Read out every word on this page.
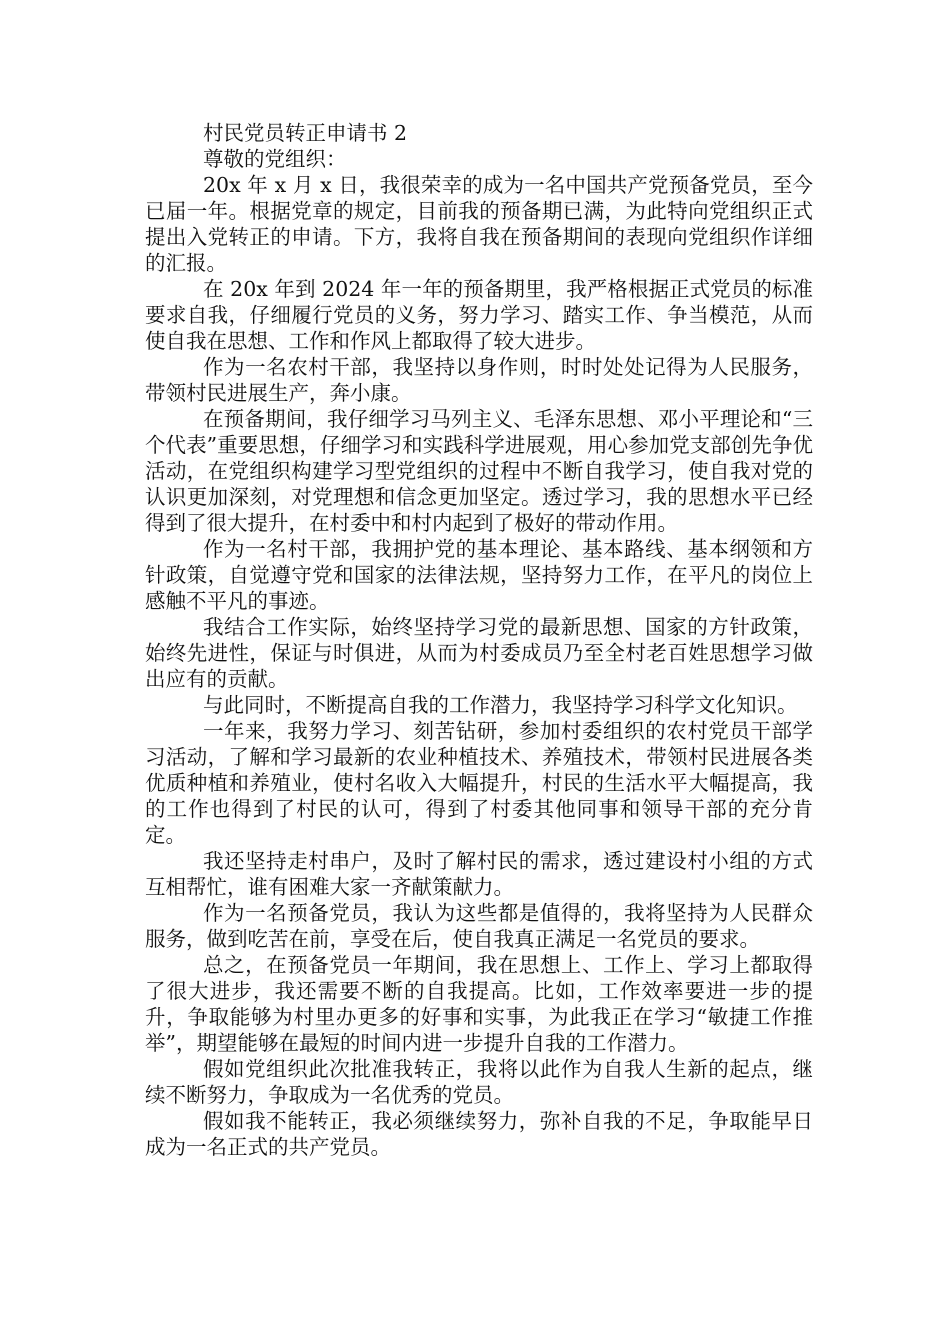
村民党员转正申请书 2

尊敬的党组织：

20x 年 x 月 x 日，我很荣幸的成为一名中国共产党预备党员，至今已届一年。根据党章的规定，目前我的预备期已满，为此特向党组织正式提出入党转正的申请。下方，我将自我在预备期间的表现向党组织作详细的汇报。

在 20x 年到 2024 年一年的预备期里，我严格根据正式党员的标准要求自我，仔细履行党员的义务，努力学习、踏实工作、争当模范，从而使自我在思想、工作和作风上都取得了较大进步。

作为一名农村干部，我坚持以身作则，时时处处记得为人民服务，带领村民进展生产，奔小康。

在预备期间，我仔细学习马列主义、毛泽东思想、邓小平理论和“三个代表”重要思想，仔细学习和实践科学进展观，用心参加党支部创先争优活动，在党组织构建学习型党组织的过程中不断自我学习，使自我对党的认识更加深刻，对党理想和信念更加坚定。透过学习，我的思想水平已经得到了很大提升，在村委中和村内起到了极好的带动作用。

作为一名村干部，我拥护党的基本理论、基本路线、基本纲领和方针政策，自觉遵守党和国家的法律法规，坚持努力工作，在平凡的岗位上感触不平凡的事迹。

我结合工作实际，始终坚持学习党的最新思想、国家的方针政策，始终先进性，保证与时俱进，从而为村委成员乃至全村老百姓思想学习做出应有的贡献。

与此同时，不断提高自我的工作潜力，我坚持学习科学文化知识。

一年来，我努力学习、刻苦钻研，参加村委组织的农村党员干部学习活动，了解和学习最新的农业种植技术、养殖技术，带领村民进展各类优质种植和养殖业，使村名收入大幅提升，村民的生活水平大幅提高，我的工作也得到了村民的认可，得到了村委其他同事和领导干部的充分肯定。

我还坚持走村串户，及时了解村民的需求，透过建设村小组的方式互相帮忙，谁有困难大家一齐献策献力。

作为一名预备党员，我认为这些都是值得的，我将坚持为人民群众服务，做到吃苦在前，享受在后，使自我真正满足一名党员的要求。

总之，在预备党员一年期间，我在思想上、工作上、学习上都取得了很大进步，我还需要不断的自我提高。比如，工作效率要进一步的提升，争取能够为村里办更多的好事和实事，为此我正在学习“敏捷工作推举”，期望能够在最短的时间内进一步提升自我的工作潜力。

假如党组织此次批准我转正，我将以此作为自我人生新的起点，继续不断努力，争取成为一名优秀的党员。

假如我不能转正，我必须继续努力，弥补自我的不足，争取能早日成为一名正式的共产党员。
